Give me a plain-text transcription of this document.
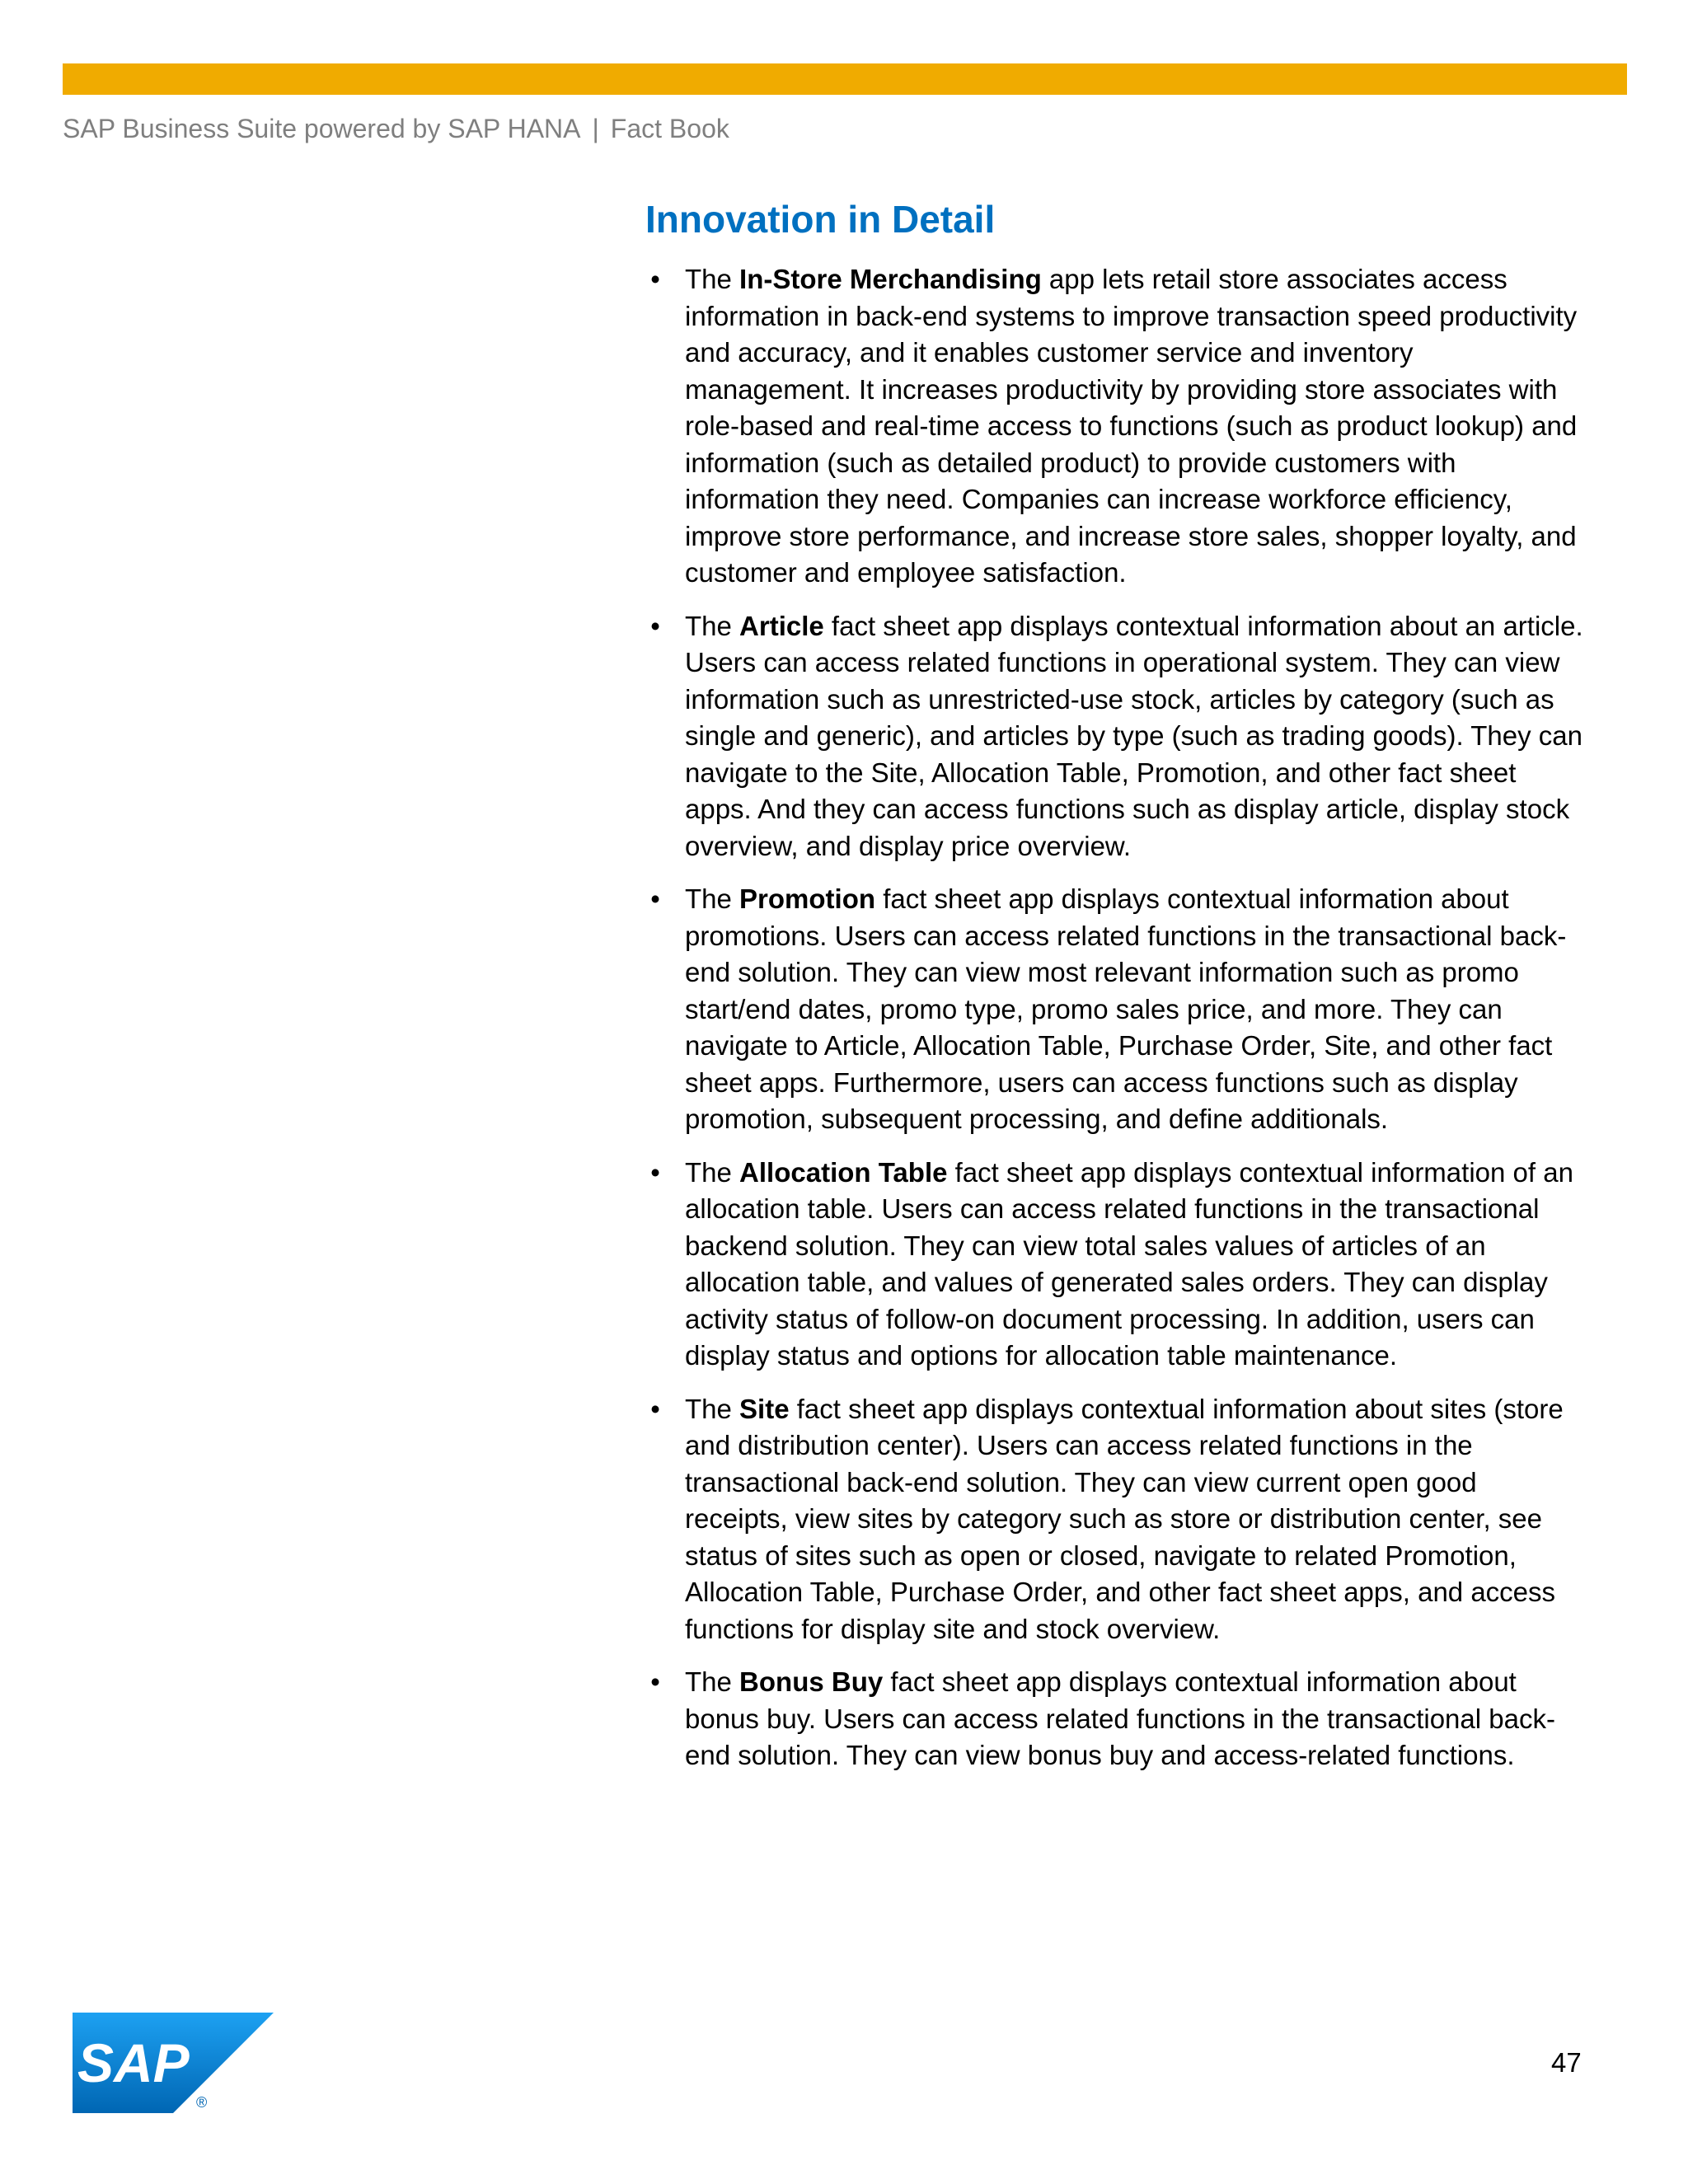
SAP Business Suite powered by SAP HANA | Fact Book
Innovation in Detail
• The In-Store Merchandising app lets retail store associates access information in back-end systems to improve transaction speed productivity and accuracy, and it enables customer service and inventory management. It increases productivity by providing store associates with role-based and real-time access to functions (such as product lookup) and information (such as detailed product) to provide customers with information they need. Companies can increase workforce efficiency, improve store performance, and increase store sales, shopper loyalty, and customer and employee satisfaction.
• The Article fact sheet app displays contextual information about an article. Users can access related functions in operational system. They can view information such as unrestricted-use stock, articles by category (such as single and generic), and articles by type (such as trading goods). They can navigate to the Site, Allocation Table, Promotion, and other fact sheet apps. And they can access functions such as display article, display stock overview, and display price overview.
• The Promotion fact sheet app displays contextual information about promotions. Users can access related functions in the transactional back-end solution. They can view most relevant information such as promo start/end dates, promo type, promo sales price, and more. They can navigate to Article, Allocation Table, Purchase Order, Site, and other fact sheet apps. Furthermore, users can access functions such as display promotion, subsequent processing, and define additionals.
• The Allocation Table fact sheet app displays contextual information of an allocation table. Users can access related functions in the transactional backend solution. They can view total sales values of articles of an allocation table, and values of generated sales orders. They can display activity status of follow-on document processing. In addition, users can display status and options for allocation table maintenance.
• The Site fact sheet app displays contextual information about sites (store and distribution center). Users can access related functions in the transactional back-end solution. They can view current open good receipts, view sites by category such as store or distribution center, see status of sites such as open or closed, navigate to related Promotion, Allocation Table, Purchase Order, and other fact sheet apps, and access functions for display site and stock overview.
• The Bonus Buy fact sheet app displays contextual information about bonus buy. Users can access related functions in the transactional back-end solution. They can view bonus buy and access-related functions.
SAP
®
47
